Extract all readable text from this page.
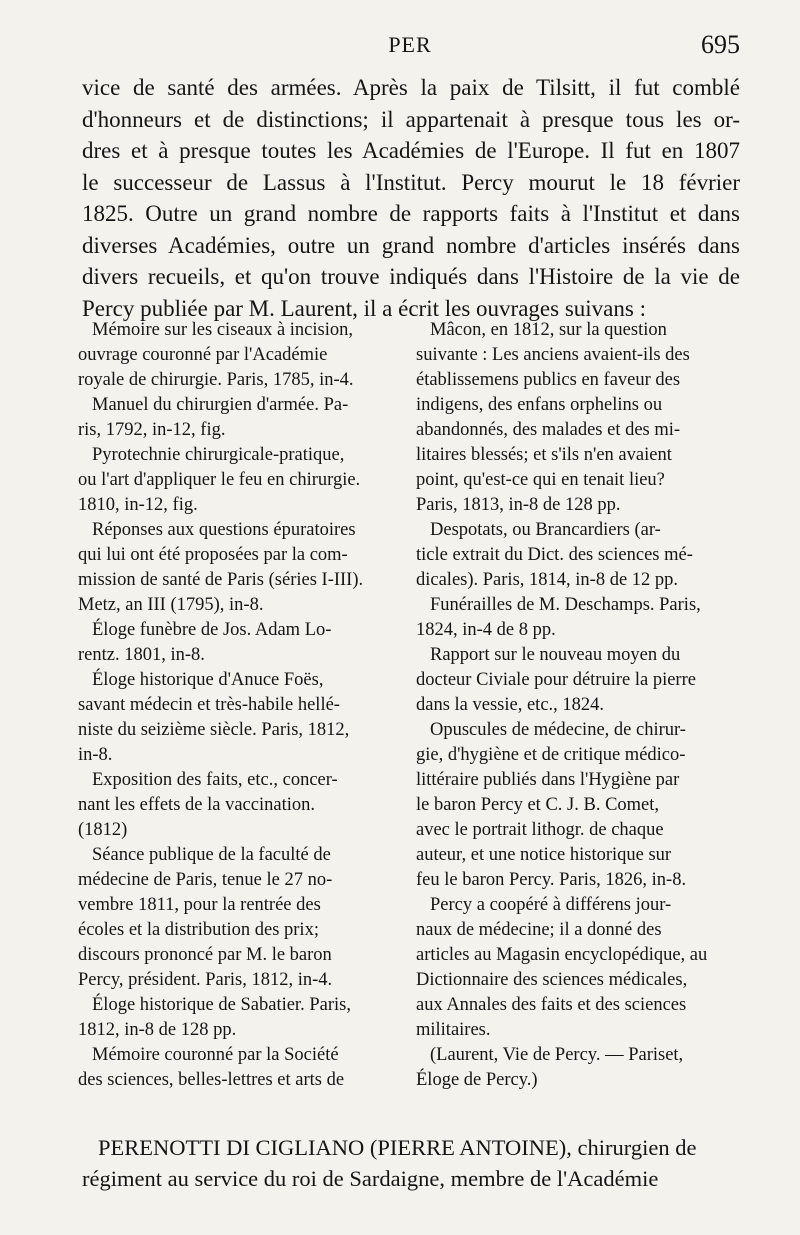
PER	695
vice de santé des armées. Après la paix de Tilsitt, il fut comblé
d'honneurs et de distinctions; il appartenait à presque tous les or-
dres et à presque toutes les Académies de l'Europe. Il fut en 1807
le successeur de Lassus à l'Institut. Percy mourut le 18 février
1825. Outre un grand nombre de rapports faits à l'Institut et dans
diverses Académies, outre un grand nombre d'articles insérés dans
divers recueils, et qu'on trouve indiqués dans l'Histoire de la vie de
Percy publiée par M. Laurent, il a écrit les ouvrages suivans :
Mémoire sur les ciseaux à incision,
ouvrage couronné par l'Académie
royale de chirurgie. Paris, 1785, in-4.
Manuel du chirurgien d'armée. Pa-
ris, 1792, in-12, fig.
Pyrotechnie chirurgicale-pratique,
ou l'art d'appliquer le feu en chirurgie.
1810, in-12, fig.
Réponses aux questions épuratoires
qui lui ont été proposées par la com-
mission de santé de Paris (séries I-III).
Metz, an III (1795), in-8.
Éloge funèbre de Jos. Adam Lo-
rentz. 1801, in-8.
Éloge historique d'Anuce Foës,
savant médecin et très-habile hellé-
niste du seizième siècle. Paris, 1812,
in-8.
Exposition des faits, etc., concer-
nant les effets de la vaccination.
(1812)
Séance publique de la faculté de
médecine de Paris, tenue le 27 no-
vembre 1811, pour la rentrée des
écoles et la distribution des prix;
discours prononcé par M. le baron
Percy, président. Paris, 1812, in-4.
Éloge historique de Sabatier. Paris,
1812, in-8 de 128 pp.
Mémoire couronné par la Société
des sciences, belles-lettres et arts de
Mâcon, en 1812, sur la question
suivante : Les anciens avaient-ils des
établissemens publics en faveur des
indigens, des enfans orphelins ou
abandonnés, des malades et des mi-
litaires blessés; et s'ils n'en avaient
point, qu'est-ce qui en tenait lieu?
Paris, 1813, in-8 de 128 pp.
Despotats, ou Brancardiers (ar-
ticle extrait du Dict. des sciences mé-
dicales). Paris, 1814, in-8 de 12 pp.
Funérailles de M. Deschamps. Paris,
1824, in-4 de 8 pp.
Rapport sur le nouveau moyen du
docteur Civiale pour détruire la pierre
dans la vessie, etc., 1824.
Opuscules de médecine, de chirur-
gie, d'hygiène et de critique médico-
littéraire publiés dans l'Hygiène par
le baron Percy et C. J. B. Comet,
avec le portrait lithogr. de chaque
auteur, et une notice historique sur
feu le baron Percy. Paris, 1826, in-8.
Percy a coopéré à différens jour-
naux de médecine; il a donné des
articles au Magasin encyclopédique, au
Dictionnaire des sciences médicales,
aux Annales des faits et des sciences
militaires.
(Laurent, Vie de Percy. — Pariset,
Éloge de Percy.)
PERENOTTI DI CIGLIANO (PIERRE ANTOINE), chirurgien de
régiment au service du roi de Sardaigne, membre de l'Académie
